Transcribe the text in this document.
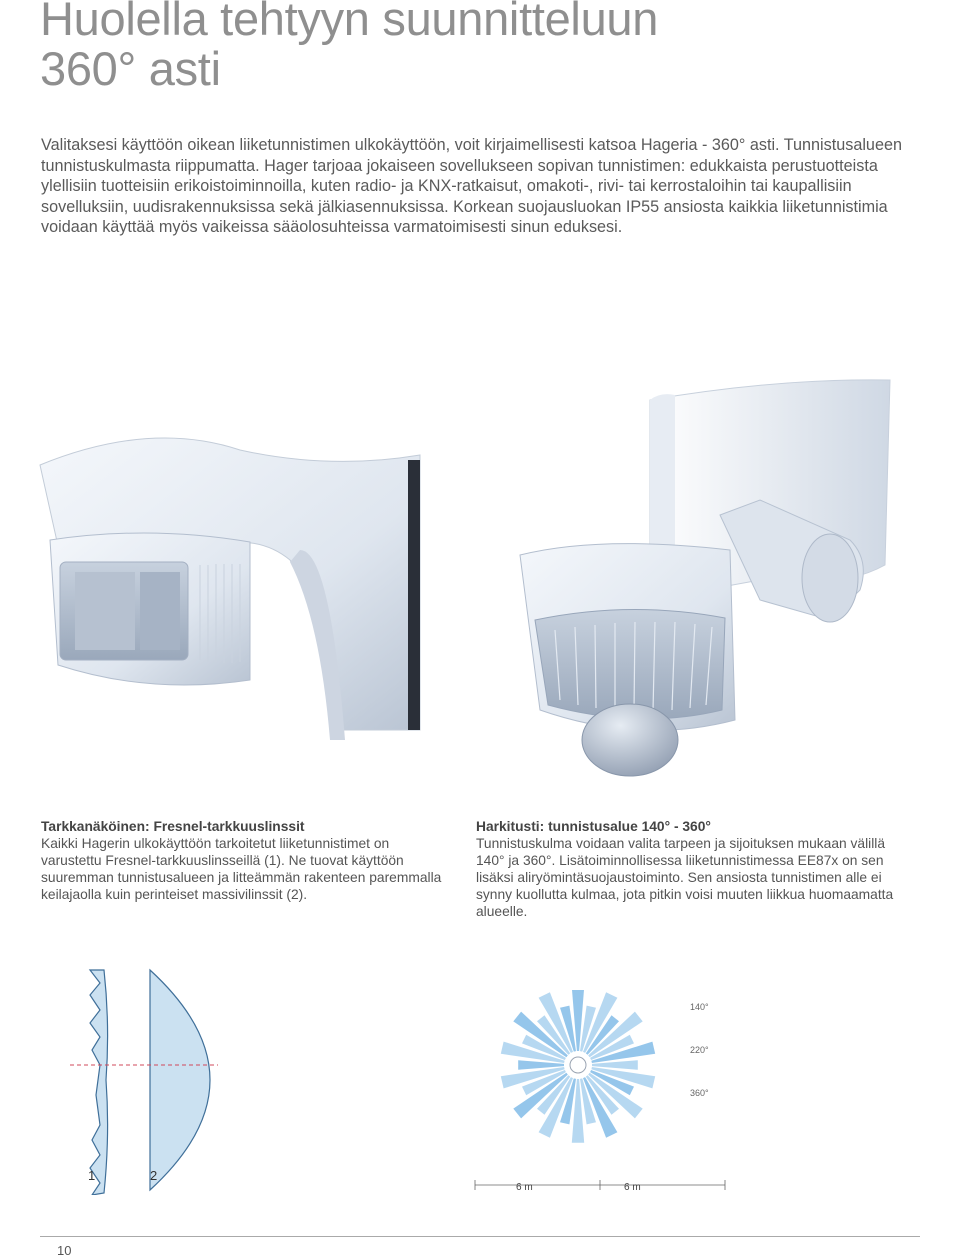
Huolella tehtyyn suunnitteluun
360° asti

Valitaksesi käyttöön oikean liiketunnistimen ulkokäyttöön, voit kirjaimellisesti katsoa Hageria - 360° asti. Tunnistusalueen tunnistuskulmasta riippumatta. Hager tarjoaa jokaiseen sovellukseen sopivan tunnistimen: edukkaista perustuotteista ylellisiin tuotteisiin erikoistoiminnoilla, kuten radio- ja KNX-ratkaisut, omakoti-, rivi- tai kerrostaloihin tai kaupallisiin sovelluksiin, uudisrakennuksissa sekä jälkiasennuksissa. Korkean suojausluokan IP55 ansiosta kaikkia liiketunnistimia voidaan käyttää myös vaikeissa sääolosuhteissa varmatoimisesti sinun eduksesi.

Tarkkanäköinen: Fresnel-tarkkuuslinssit

Kaikki Hagerin ulkokäyttöön tarkoitetut liiketunnistimet on varustettu Fresnel-tarkkuuslinsseillä (1). Ne tuovat käyttöön suuremman tunnistusalueen ja litteämmän rakenteen paremmalla keilajaolla kuin perinteiset massivilinssit (2).

Harkitusti: tunnistusalue 140° - 360°

Tunnistuskulma voidaan valita tarpeen ja sijoituksen mukaan välillä 140° ja 360°. Lisätoiminnollisessa liiketunnistimessa EE87x on sen lisäksi aliryömintäsuojaustoiminto. Sen ansiosta tunnistimen alle ei synny kuollutta kulmaa, jota pitkin voisi muuten liikkua huomaamatta alueelle.

1	2
140°
220°
360°
6 m	6 m
10
